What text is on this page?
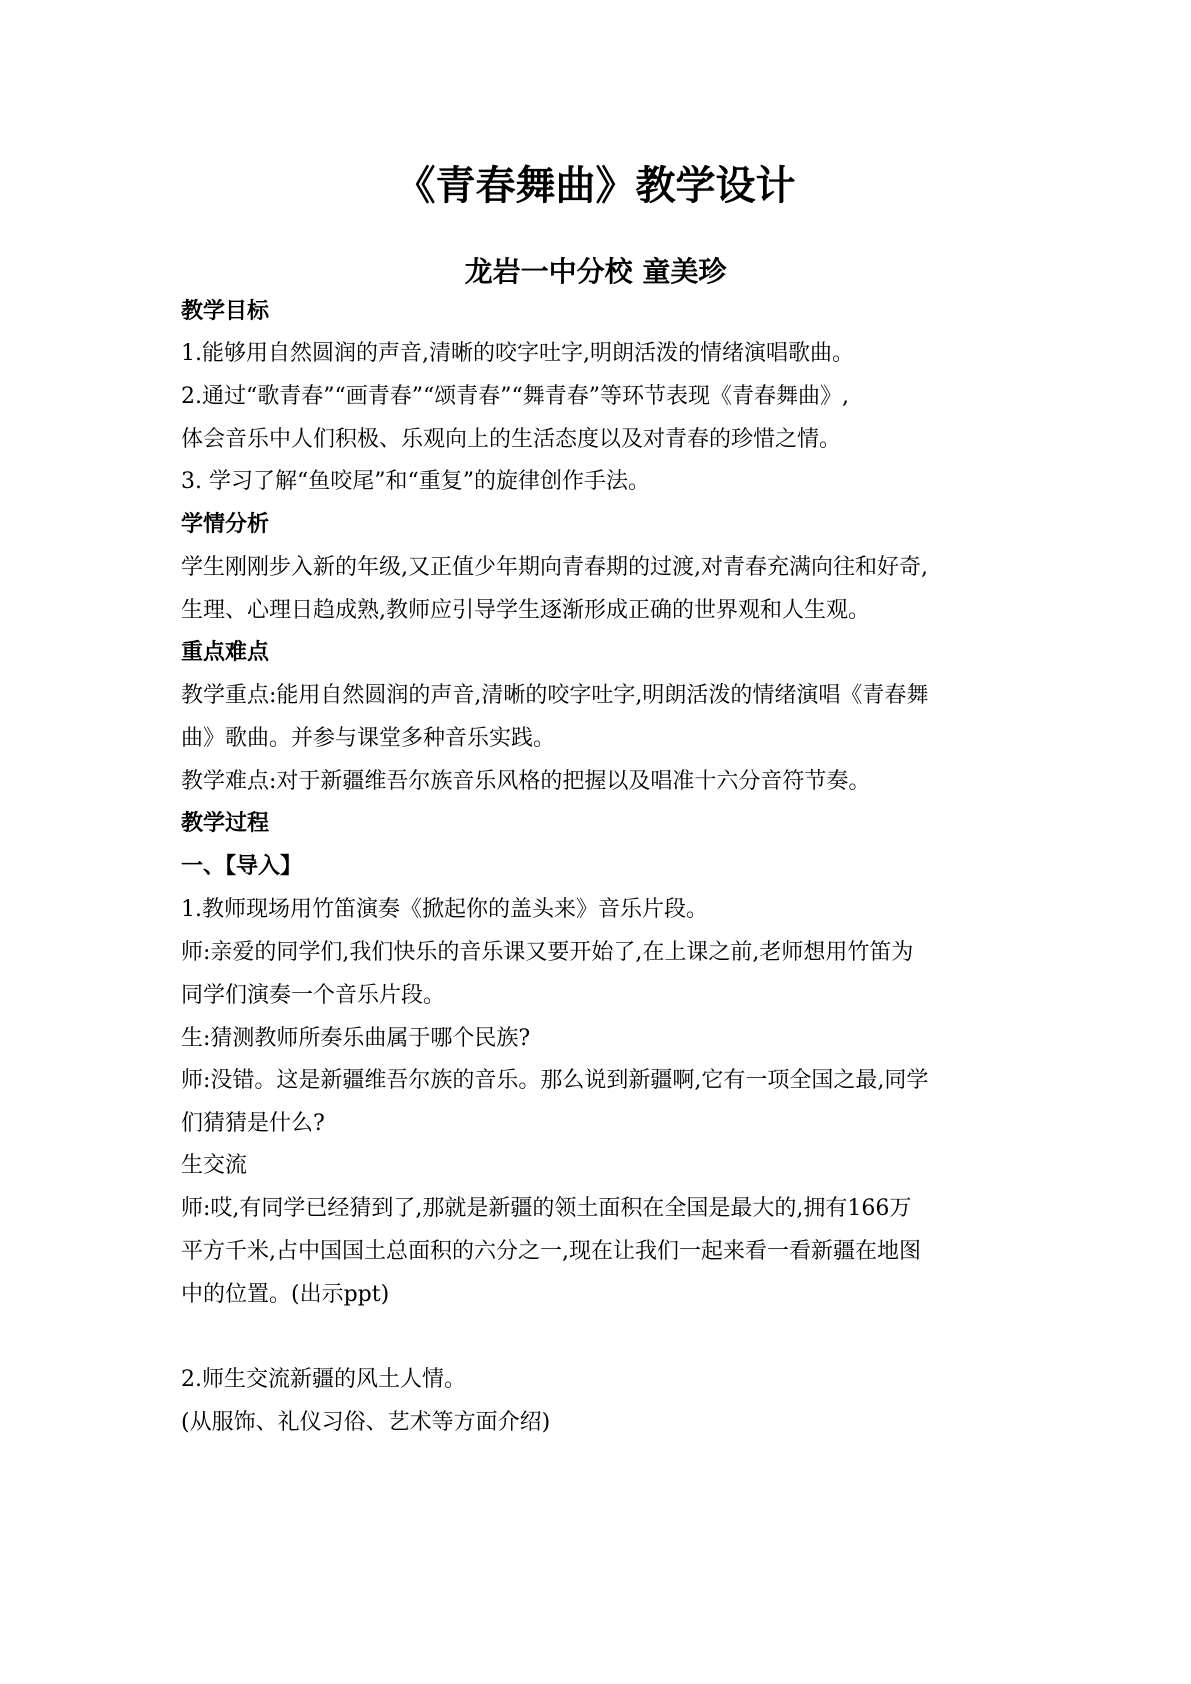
《青春舞曲》教学设计
龙岩一中分校 童美珍
教学目标
1.能够用自然圆润的声音,清晰的咬字吐字,明朗活泼的情绪演唱歌曲。
2.通过“歌青春”“画青春”“颂青春”“舞青春”等环节表现《青春舞曲》,
体会音乐中人们积极、乐观向上的生活态度以及对青春的珍惜之情。
3. 学习了解“鱼咬尾”和“重复”的旋律创作手法。
学情分析
学生刚刚步入新的年级,又正值少年期向青春期的过渡,对青春充满向往和好奇,
生理、心理日趋成熟,教师应引导学生逐渐形成正确的世界观和人生观。
重点难点
教学重点:能用自然圆润的声音,清晰的咬字吐字,明朗活泼的情绪演唱《青春舞
曲》歌曲。并参与课堂多种音乐实践。
教学难点:对于新疆维吾尔族音乐风格的把握以及唱准十六分音符节奏。
教学过程
一、【导入】
1.教师现场用竹笛演奏《掀起你的盖头来》音乐片段。
师:亲爱的同学们,我们快乐的音乐课又要开始了,在上课之前,老师想用竹笛为
同学们演奏一个音乐片段。
生:猜测教师所奏乐曲属于哪个民族?
师:没错。这是新疆维吾尔族的音乐。那么说到新疆啊,它有一项全国之最,同学
们猜猜是什么?
生交流
师:哎,有同学已经猜到了,那就是新疆的领土面积在全国是最大的,拥有166万
平方千米,占中国国土总面积的六分之一,现在让我们一起来看一看新疆在地图
中的位置。(出示ppt)
2.师生交流新疆的风土人情。
(从服饰、礼仪习俗、艺术等方面介绍)
